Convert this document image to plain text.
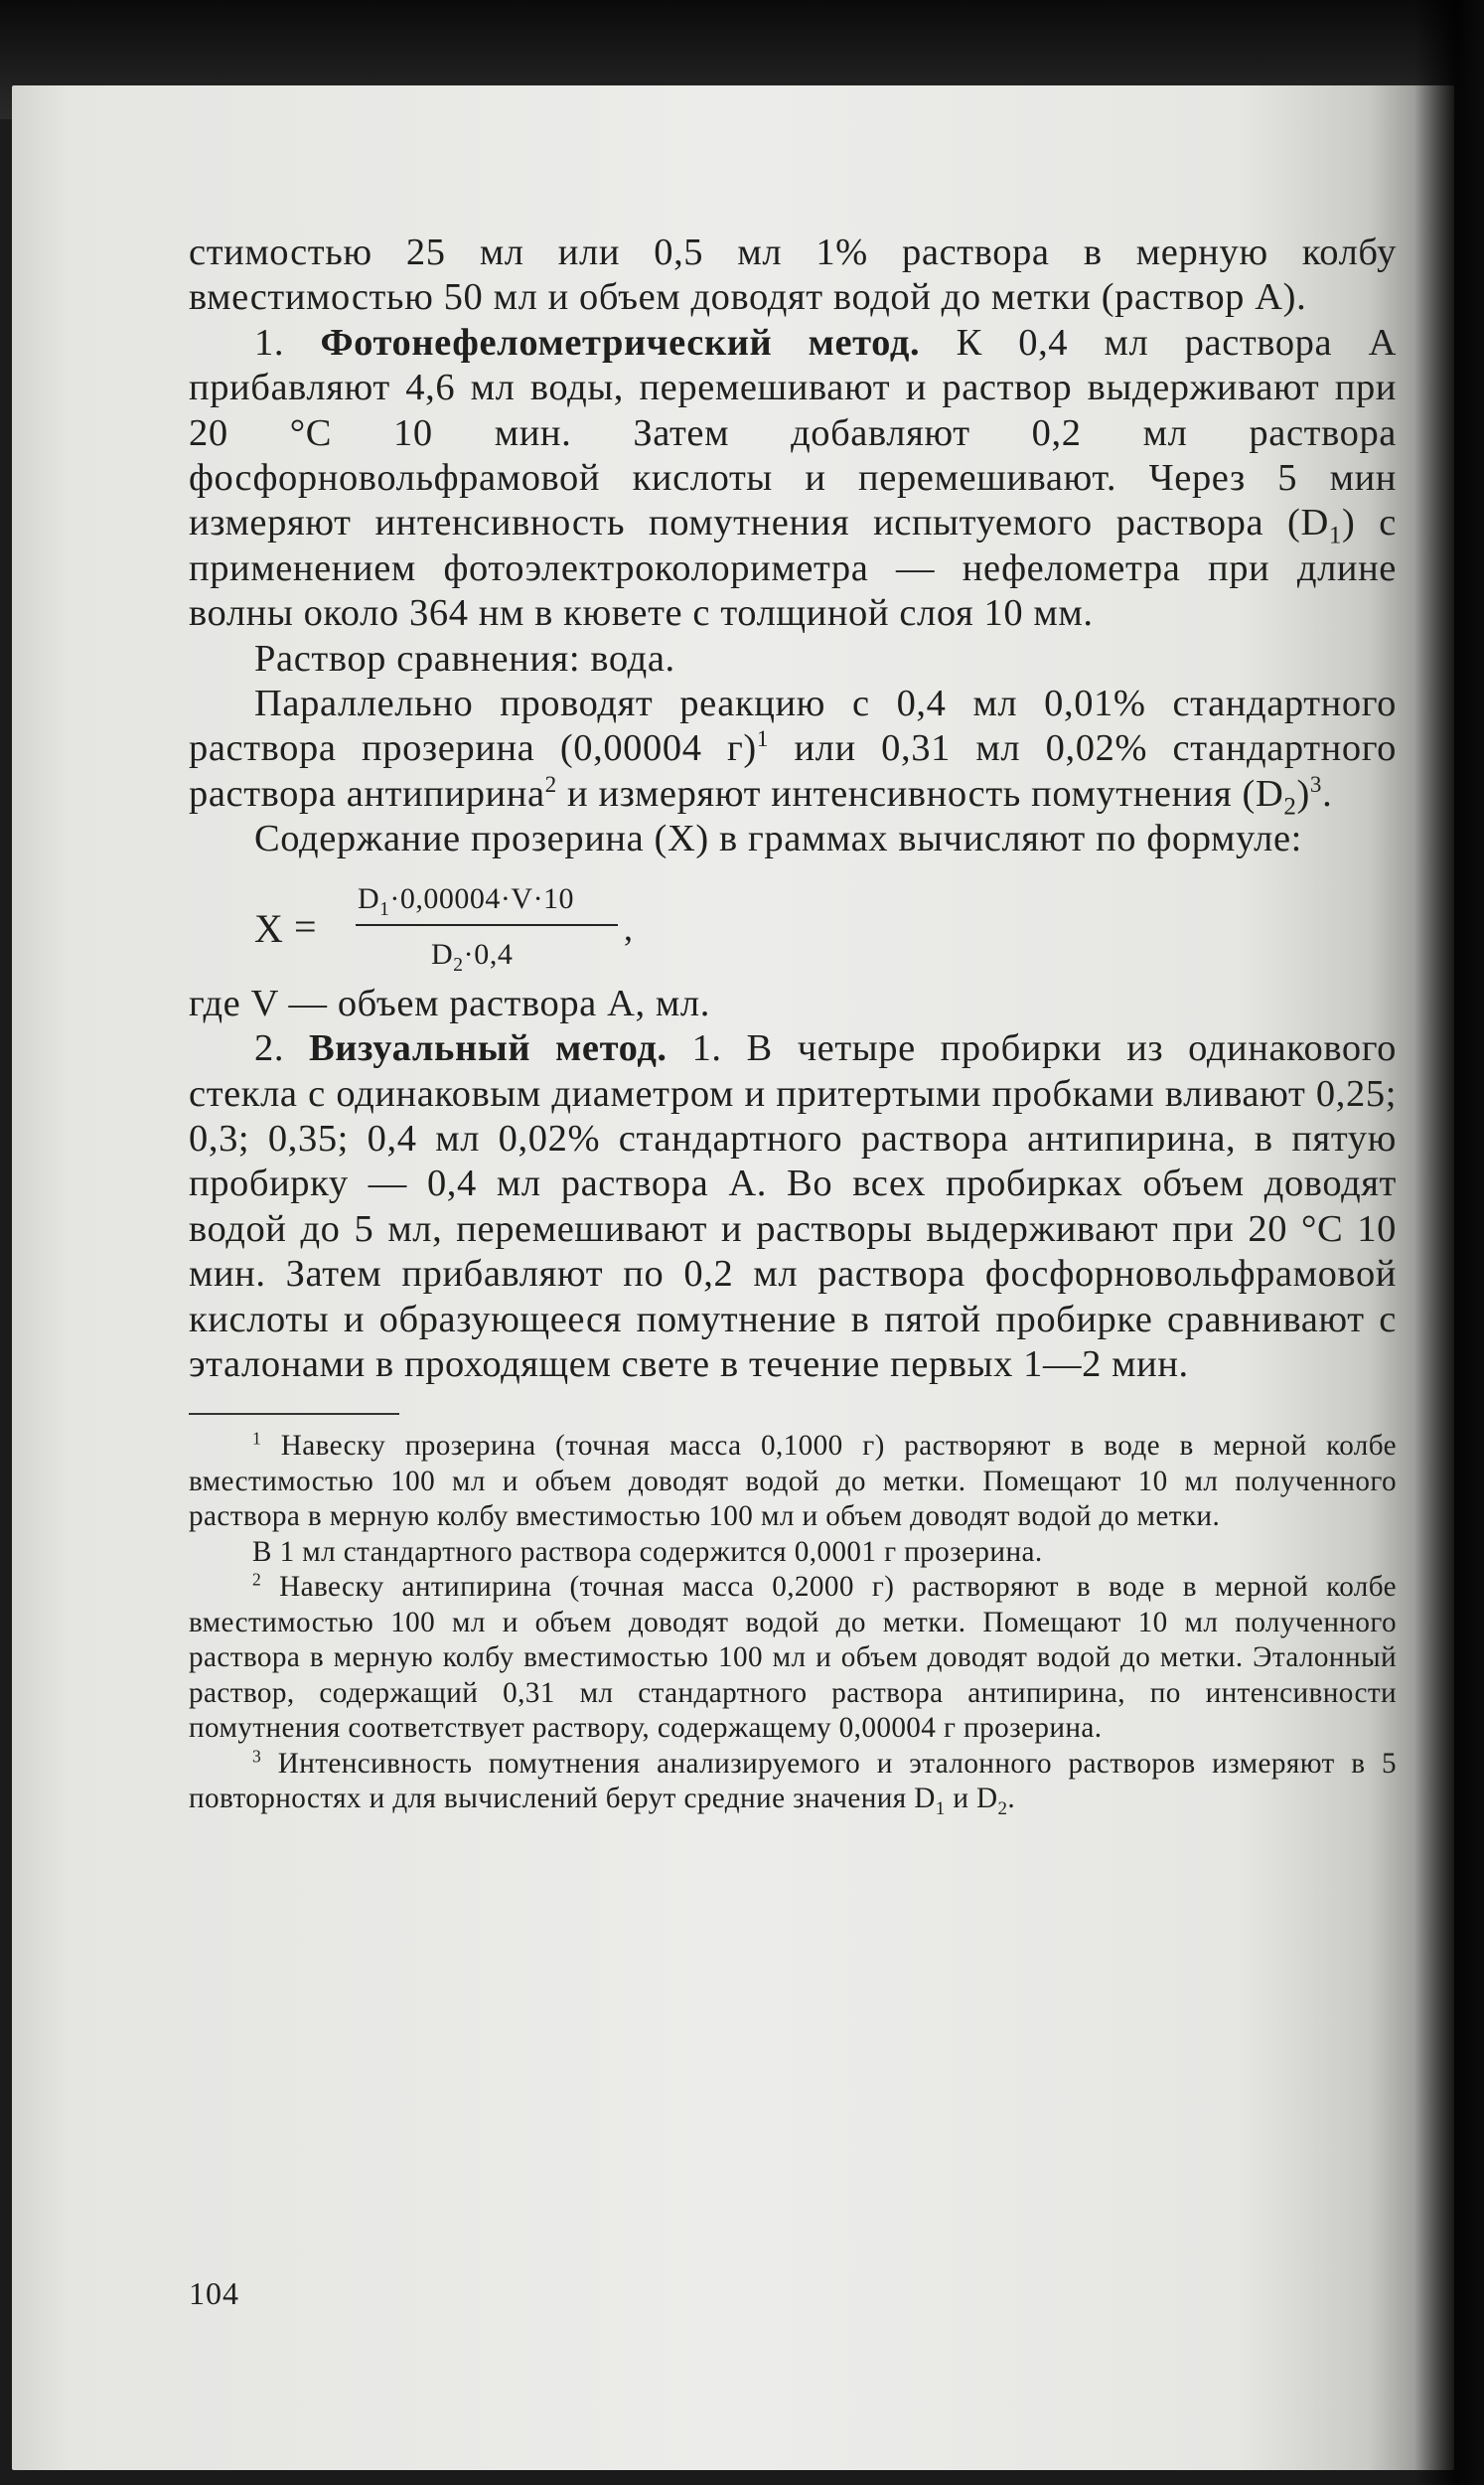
стимостью 25 мл или 0,5 мл 1% раствора в мерную колбу вместимостью 50 мл и объем доводят водой до метки (раствор А).

1. Фотонефелометрический метод. К 0,4 мл раствора А прибавляют 4,6 мл воды, перемешивают и раствор выдерживают при 20 °С 10 мин. Затем добавляют 0,2 мл раствора фосфорновольфрамовой кислоты и перемешивают. Через 5 мин измеряют интенсивность помутнения испытуемого раствора $(D_1)$ с применением фотоэлектроколориметра — нефелометра при длине волны около 364 нм в кювете с толщиной слоя 10 мм.

Раствор сравнения: вода.

Параллельно проводят реакцию с 0,4 мл 0,01% стандартного раствора прозерина (0,00004 г)$^1$ или 0,31 мл 0,02% стандартного раствора антипирина$^2$ и измеряют интенсивность помутнения $(D_2)^3$.

Содержание прозерина (X) в граммах вычисляют по формуле:

X =
$D_1\cdot 0,00004\cdot V\cdot 10$
$D_2\cdot 0,4$
,

где V — объем раствора А, мл.

2. Визуальный метод. 1. В четыре пробирки из одинакового стекла с одинаковым диаметром и притертыми пробками вливают 0,25; 0,3; 0,35; 0,4 мл 0,02% стандартного раствора антипирина, в пятую пробирку — 0,4 мл раствора А. Во всех пробирках объем доводят водой до 5 мл, перемешивают и растворы выдерживают при 20 °С 10 мин. Затем прибавляют по 0,2 мл раствора фосфорновольфрамовой кислоты и образующееся помутнение в пятой пробирке сравнивают с эталонами в проходящем свете в течение первых 1—2 мин.

$^1$ Навеску прозерина (точная масса 0,1000 г) растворяют в воде в мерной колбе вместимостью 100 мл и объем доводят водой до метки. Помещают 10 мл полученного раствора в мерную колбу вместимостью 100 мл и объем доводят водой до метки.

В 1 мл стандартного раствора содержится 0,0001 г прозерина.

$^2$ Навеску антипирина (точная масса 0,2000 г) растворяют в воде в мерной колбе вместимостью 100 мл и объем доводят водой до метки. Помещают 10 мл полученного раствора в мерную колбу вместимостью 100 мл и объем доводят водой до метки. Эталонный раствор, содержащий 0,31 мл стандартного раствора антипирина, по интенсивности помутнения соответствует раствору, содержащему 0,00004 г прозерина.

$^3$ Интенсивность помутнения анализируемого и эталонного растворов измеряют в 5 повторностях и для вычислений берут средние значения $D_1$ и $D_2$.

104
